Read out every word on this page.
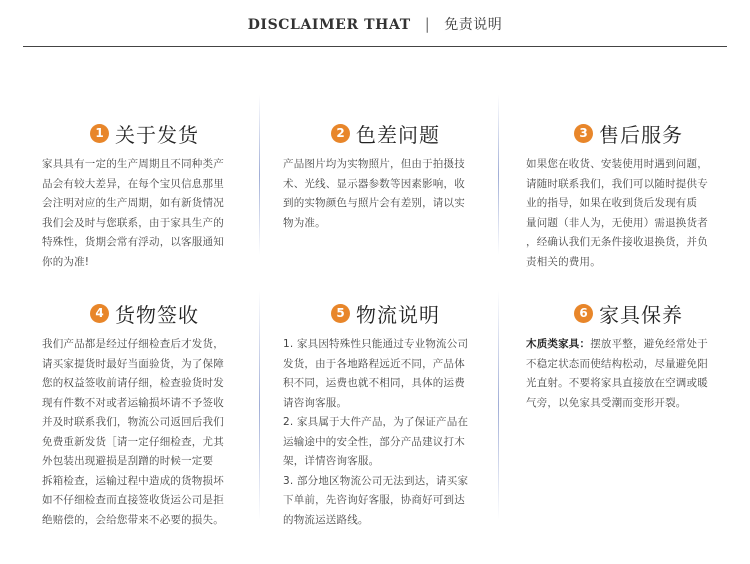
DISCLAIMER THAT | 免责说明
1 关于发货

家具具有一定的生产周期且不同种类产

品会有较大差异，在每个宝贝信息那里

会注明对应的生产周期，如有新货情况

我们会及时与您联系，由于家具生产的

特殊性，货期会常有浮动，以客服通知

你的为准!

2 色差问题

产品图片均为实物照片，但由于拍摄技

术、光线、显示器参数等因素影响，收

到的实物颜色与照片会有差别，请以实

物为准。

3 售后服务

如果您在收货、安装使用时遇到问题，

请随时联系我们，我们可以随时提供专

业的指导，如果在收到货后发现有质

量问题（非人为，无使用）需退换货者

，经确认我们无条件接收退换货，并负

责相关的费用。

4 货物签收

我们产品都是经过仔细检查后才发货，

请买家提货时最好当面验货，为了保障

您的权益签收前请仔细，检查验货时发

现有件数不对或者运输损坏请不予签收

并及时联系我们，物流公司返回后我们

免费重新发货［请一定仔细检查，尤其

外包装出现避损是刮蹭的时候一定要

拆箱检查，运输过程中造成的货物损坏

如不仔细检查而直接签收货运公司是拒

绝赔偿的，会给您带来不必要的损失。

5 物流说明

1. 家具因特殊性只能通过专业物流公司

发货，由于各地路程远近不同，产品体

积不同，运费也就不相同，具体的运费

请咨询客服。

2. 家具属于大件产品，为了保证产品在

运输途中的安全性，部分产品建议打木

架，详情咨询客服。

3. 部分地区物流公司无法到达，请买家

下单前，先咨询好客服，协商好可到达

的物流运送路线。

6 家具保养

木质类家具：摆放平整，避免经常处于

不稳定状态而使结构松动，尽量避免阳

光直射。不要将家具直接放在空调或暖

气旁，以免家具受潮而变形开裂。
